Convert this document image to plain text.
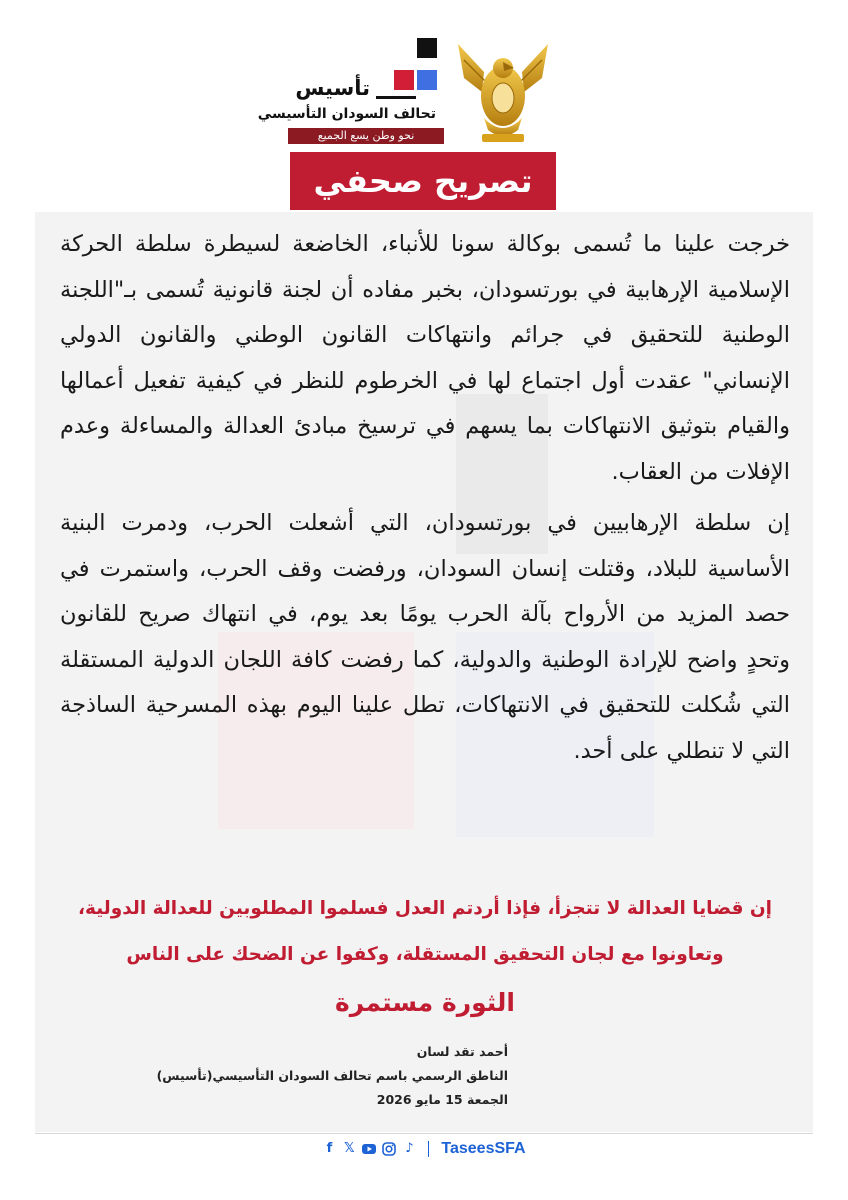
تأسيس
تحالف السودان التأسيسي
نحو وطن يسع الجميع
تصريح صحفي

خرجت علينا ما تُسمى بوكالة سونا للأنباء، الخاضعة لسيطرة سلطة الحركة الإسلامية الإرهابية في بورتسودان، بخبر مفاده أن لجنة قانونية تُسمى بـ"اللجنة الوطنية للتحقيق في جرائم وانتهاكات القانون الوطني والقانون الدولي الإنساني" عقدت أول اجتماع لها في الخرطوم للنظر في كيفية تفعيل أعمالها والقيام بتوثيق الانتهاكات بما يسهم في ترسيخ مبادئ العدالة والمساءلة وعدم الإفلات من العقاب.

إن سلطة الإرهابيين في بورتسودان، التي أشعلت الحرب، ودمرت البنية الأساسية للبلاد، وقتلت إنسان السودان، ورفضت وقف الحرب، واستمرت في حصد المزيد من الأرواح بآلة الحرب يومًا بعد يوم، في انتهاك صريح للقانون وتحدٍ واضح للإرادة الوطنية والدولية، كما رفضت كافة اللجان الدولية المستقلة التي شُكلت للتحقيق في الانتهاكات، تطل علينا اليوم بهذه المسرحية الساذجة التي لا تنطلي على أحد.

إن قضايا العدالة لا تتجزأ، فإذا أردتم العدل فسلموا المطلوبين للعدالة الدولية،
وتعاونوا مع لجان التحقيق المستقلة، وكفوا عن الضحك على الناس
الثورة مستمرة
أحمد تقد لسان
الناطق الرسمي باسم تحالف السودان التأسيسي(تأسيس)
الجمعة 15 مايو 2026
f 𝕏	♪ TaseesSFA
